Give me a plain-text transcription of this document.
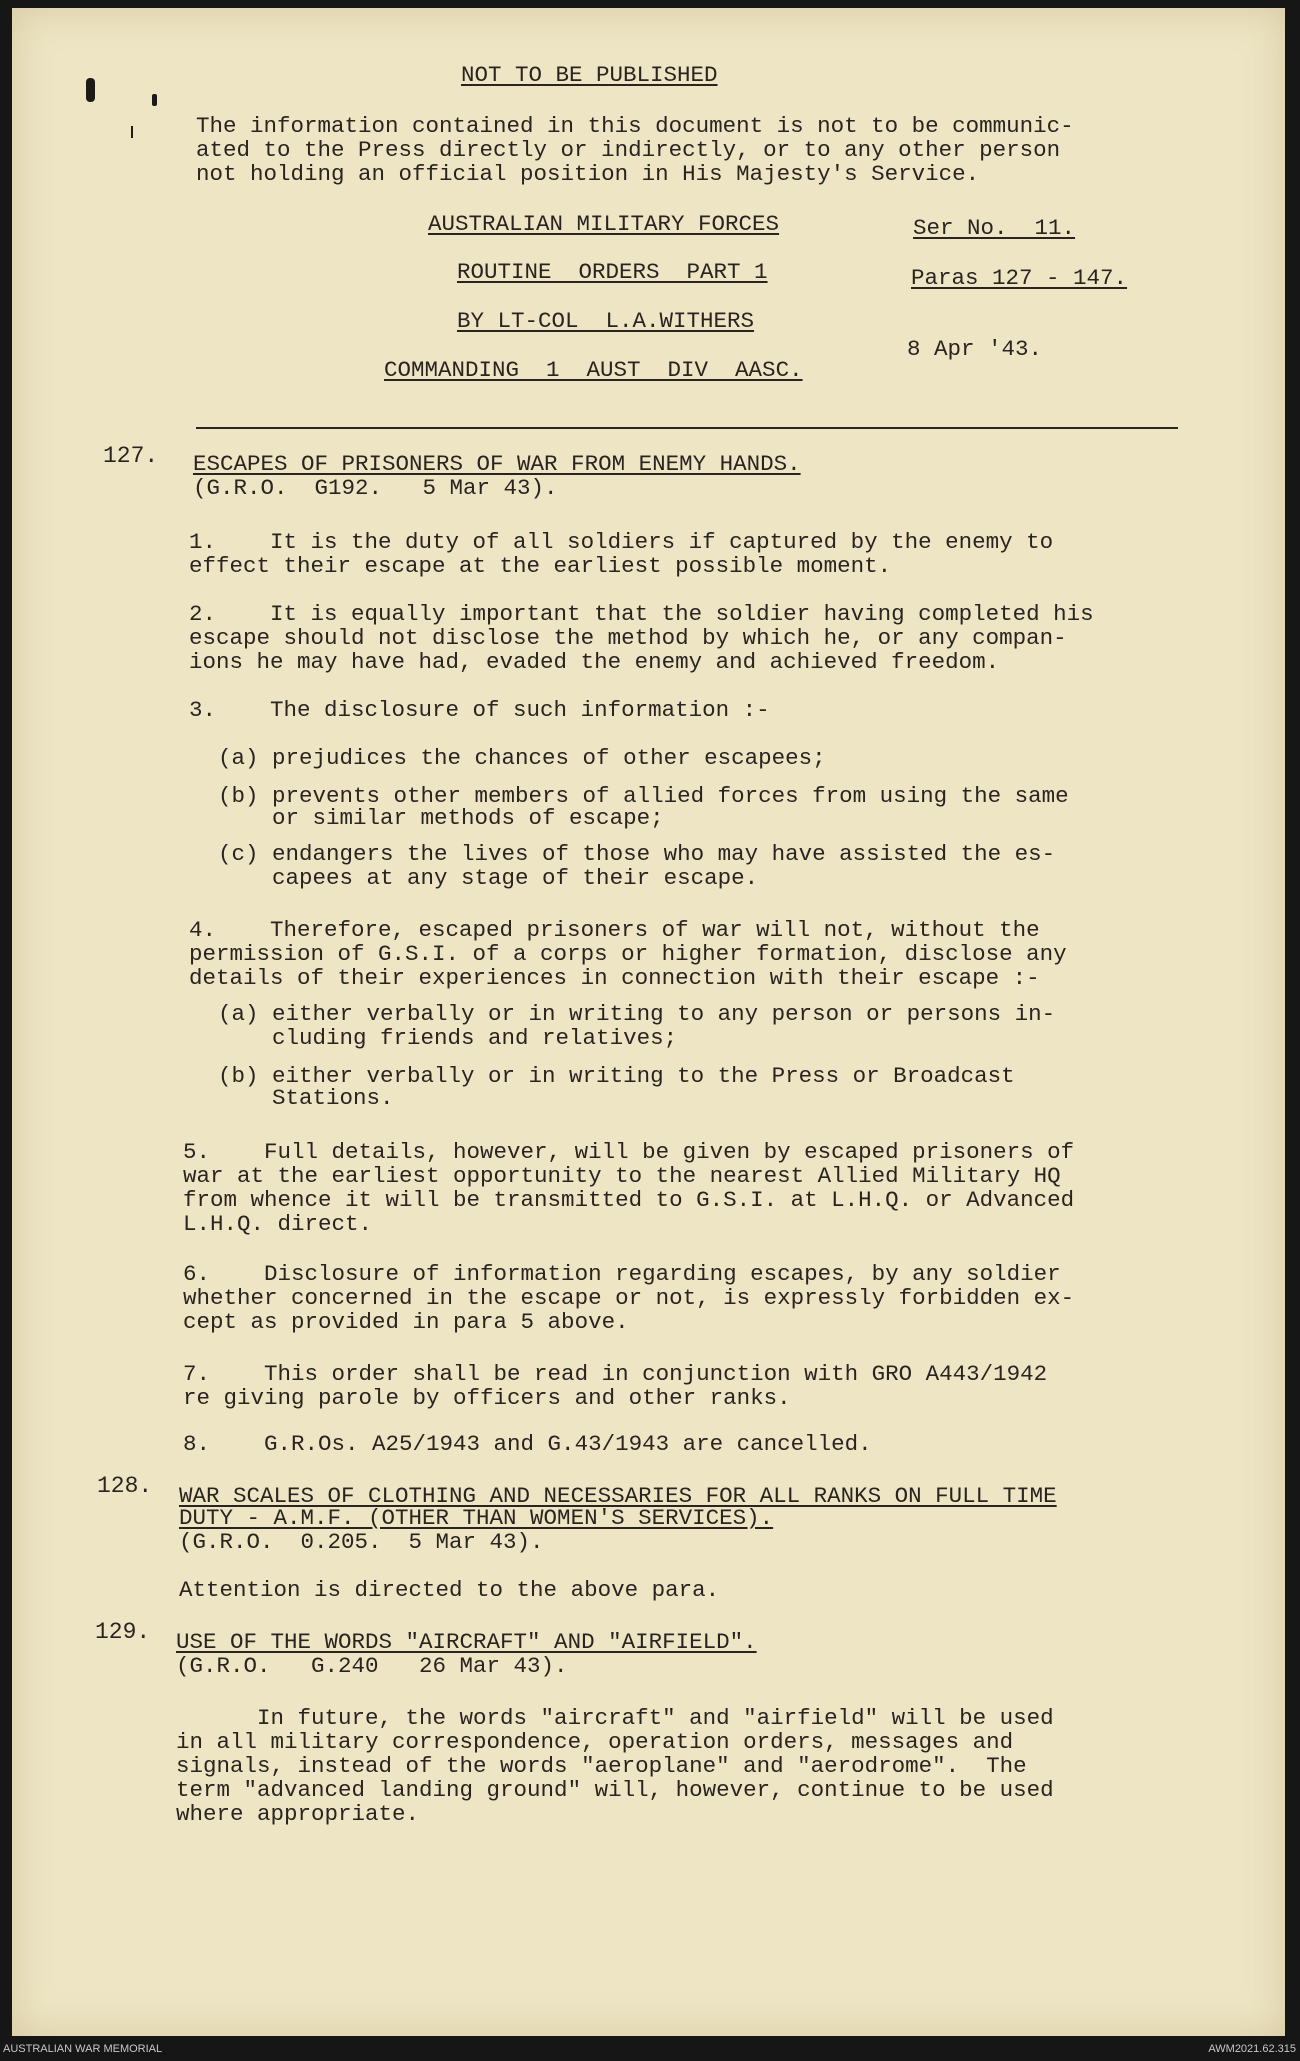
NOT TO BE PUBLISHED
The information contained in this document is not to be communic-
ated to the Press directly or indirectly, or to any other person
not holding an official position in His Majesty's Service.
AUSTRALIAN MILITARY FORCES
ROUTINE  ORDERS  PART 1
BY LT-COL  L.A.WITHERS
COMMANDING  1  AUST  DIV  AASC.
Ser No.  11.
Paras 127 - 147.
8 Apr '43.
127. ESCAPES OF PRISONERS OF WAR FROM ENEMY HANDS.
(G.R.O.  G192.   5 Mar 43).
1.    It is the duty of all soldiers if captured by the enemy to
effect their escape at the earliest possible moment.
2.    It is equally important that the soldier having completed his
escape should not disclose the method by which he, or any compan-
ions he may have had, evaded the enemy and achieved freedom.
3.    The disclosure of such information :-
(a) prejudices the chances of other escapees;
(b) prevents other members of allied forces from using the same
or similar methods of escape;
(c) endangers the lives of those who may have assisted the es-
capees at any stage of their escape.
4.    Therefore, escaped prisoners of war will not, without the
permission of G.S.I. of a corps or higher formation, disclose any
details of their experiences in connection with their escape :-
(a) either verbally or in writing to any person or persons in-
cluding friends and relatives;
(b) either verbally or in writing to the Press or Broadcast
Stations.
5.    Full details, however, will be given by escaped prisoners of
war at the earliest opportunity to the nearest Allied Military HQ
from whence it will be transmitted to G.S.I. at L.H.Q. or Advanced
L.H.Q. direct.
6.    Disclosure of information regarding escapes, by any soldier
whether concerned in the escape or not, is expressly forbidden ex-
cept as provided in para 5 above.
7.    This order shall be read in conjunction with GRO A443/1942
re giving parole by officers and other ranks.
8.    G.R.Os. A25/1943 and G.43/1943 are cancelled.
128. WAR SCALES OF CLOTHING AND NECESSARIES FOR ALL RANKS ON FULL TIME
DUTY - A.M.F. (OTHER THAN WOMEN'S SERVICES).
(G.R.O.  0.205.  5 Mar 43).
Attention is directed to the above para.
129. USE OF THE WORDS "AIRCRAFT" AND "AIRFIELD".
(G.R.O.   G.240   26 Mar 43).
In future, the words "aircraft" and "airfield" will be used
in all military correspondence, operation orders, messages and
signals, instead of the words "aeroplane" and "aerodrome".  The
term "advanced landing ground" will, however, continue to be used
where appropriate.
AUSTRALIAN WAR MEMORIAL	AWM2021.62.315
